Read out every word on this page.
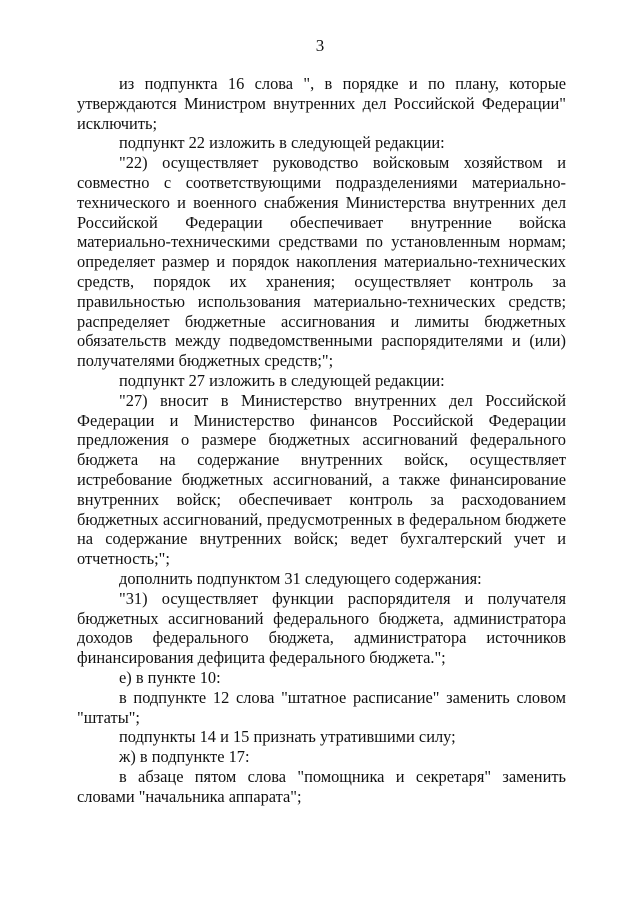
3

из подпункта 16 слова ", в порядке и по плану, которые утверждаются Министром внутренних дел Российской Федерации" исключить;

подпункт 22 изложить в следующей редакции:

"22) осуществляет руководство войсковым хозяйством и совместно с соответствующими подразделениями материально-технического и военного снабжения Министерства внутренних дел Российской Федерации обеспечивает внутренние войска материально-техническими средствами по установленным нормам; определяет размер и порядок накопления материально-технических средств, порядок их хранения; осуществляет контроль за правильностью использования материально-технических средств; распределяет бюджетные ассигнования и лимиты бюджетных обязательств между подведомственными распорядителями и (или) получателями бюджетных средств;";

подпункт 27 изложить в следующей редакции:

"27) вносит в Министерство внутренних дел Российской Федерации и Министерство финансов Российской Федерации предложения о размере бюджетных ассигнований федерального бюджета на содержание внутренних войск, осуществляет истребование бюджетных ассигнований, а также финансирование внутренних войск; обеспечивает контроль за расходованием бюджетных ассигнований, предусмотренных в федеральном бюджете на содержание внутренних войск; ведет бухгалтерский учет и отчетность;";

дополнить подпунктом 31 следующего содержания:

"31) осуществляет функции распорядителя и получателя бюджетных ассигнований федерального бюджета, администратора доходов федерального бюджета, администратора источников финансирования дефицита федерального бюджета.";

е) в пункте 10:

в подпункте 12 слова "штатное расписание" заменить словом "штаты";

подпункты 14 и 15 признать утратившими силу;

ж) в подпункте 17:

в абзаце пятом слова "помощника и секретаря" заменить словами "начальника аппарата";
